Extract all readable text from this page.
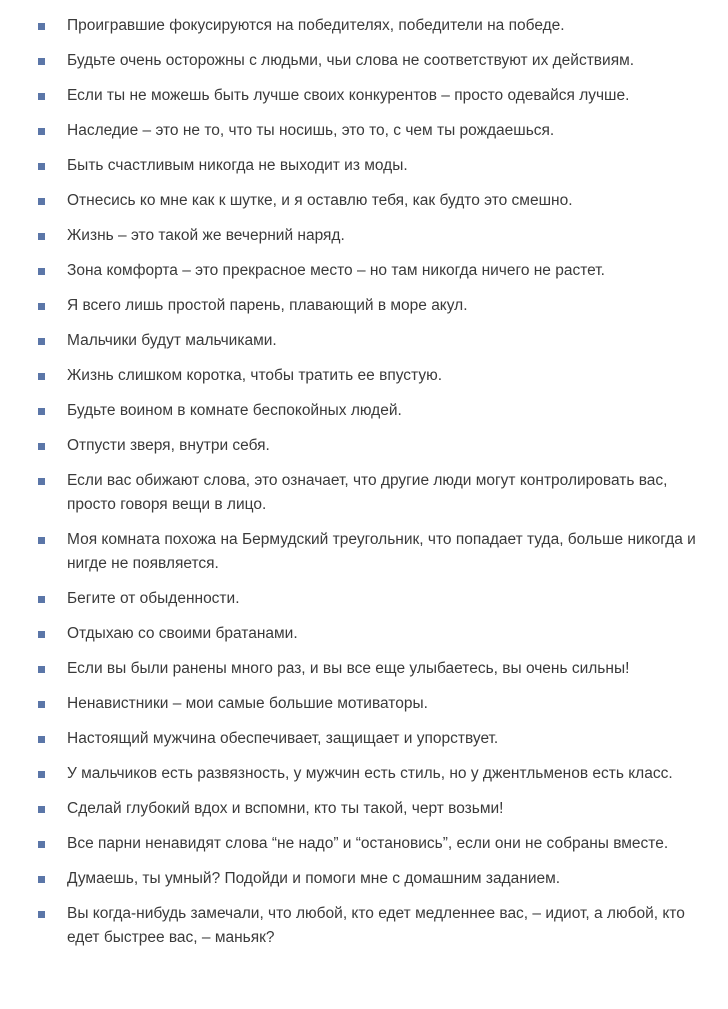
Проигравшие фокусируются на победителях, победители на победе.
Будьте очень осторожны с людьми, чьи слова не соответствуют их действиям.
Если ты не можешь быть лучше своих конкурентов – просто одевайся лучше.
Наследие – это не то, что ты носишь, это то, с чем ты рождаешься.
Быть счастливым никогда не выходит из моды.
Отнесись ко мне как к шутке, и я оставлю тебя, как будто это смешно.
Жизнь – это такой же вечерний наряд.
Зона комфорта – это прекрасное место – но там никогда ничего не растет.
Я всего лишь простой парень, плавающий в море акул.
Мальчики будут мальчиками.
Жизнь слишком коротка, чтобы тратить ее впустую.
Будьте воином в комнате беспокойных людей.
Отпусти зверя, внутри себя.
Если вас обижают слова, это означает, что другие люди могут контролировать вас, просто говоря вещи в лицо.
Моя комната похожа на Бермудский треугольник, что попадает туда, больше никогда и нигде не появляется.
Бегите от обыденности.
Отдыхаю со своими братанами.
Если вы были ранены много раз, и вы все еще улыбаетесь, вы очень сильны!
Ненавистники – мои самые большие мотиваторы.
Настоящий мужчина обеспечивает, защищает и упорствует.
У мальчиков есть развязность, у мужчин есть стиль, но у джентльменов есть класс.
Сделай глубокий вдох и вспомни, кто ты такой, черт возьми!
Все парни ненавидят слова “не надо” и “остановись”, если они не собраны вместе.
Думаешь, ты умный? Подойди и помоги мне с домашним заданием.
Вы когда-нибудь замечали, что любой, кто едет медленнее вас, – идиот, а любой, кто едет быстрее вас, – маньяк?
